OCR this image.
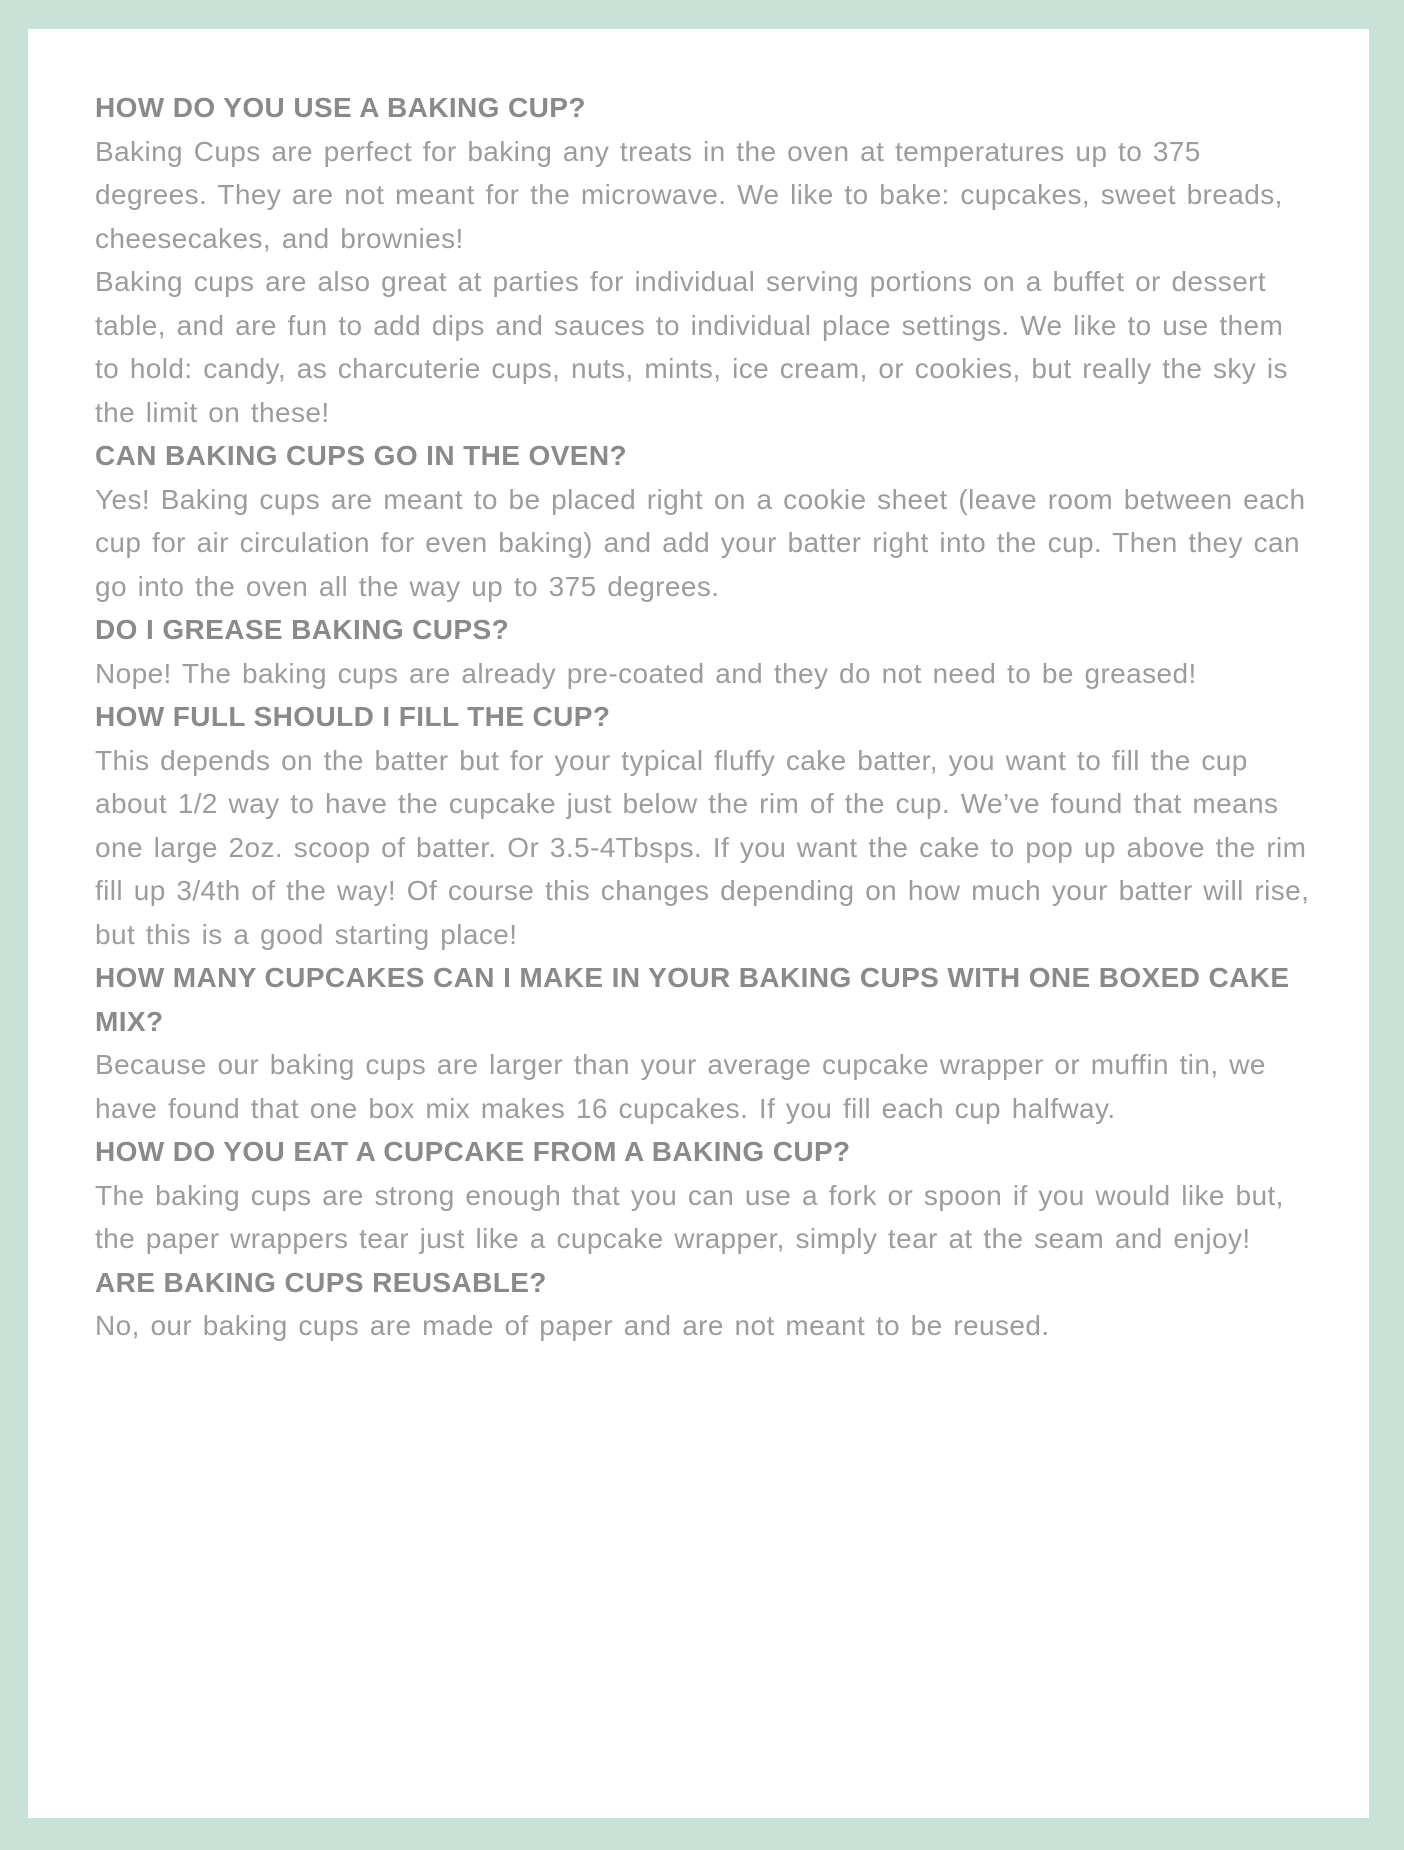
HOW DO YOU USE A BAKING CUP?

Baking Cups are perfect for baking any treats in the oven at temperatures up to 375 degrees. They are not meant for the microwave. We like to bake: cupcakes, sweet breads, cheesecakes, and brownies!

Baking cups are also great at parties for individual serving portions on a buffet or dessert table, and are fun to add dips and sauces to individual place settings. We like to use them to hold: candy, as charcuterie cups, nuts, mints, ice cream, or cookies, but really the sky is the limit on these!

CAN BAKING CUPS GO IN THE OVEN?

Yes! Baking cups are meant to be placed right on a cookie sheet (leave room between each cup for air circulation for even baking) and add your batter right into the cup. Then they can go into the oven all the way up to 375 degrees.

DO I GREASE BAKING CUPS?

Nope! The baking cups are already pre-coated and they do not need to be greased!

HOW FULL SHOULD I FILL THE CUP?

This depends on the batter but for your typical fluffy cake batter, you want to fill the cup about 1/2 way to have the cupcake just below the rim of the cup. We’ve found that means one large 2oz. scoop of batter. Or 3.5-4Tbsps. If you want the cake to pop up above the rim fill up 3/4th of the way! Of course this changes depending on how much your batter will rise, but this is a good starting place!

HOW MANY CUPCAKES CAN I MAKE IN YOUR BAKING CUPS WITH ONE BOXED CAKE MIX?

Because our baking cups are larger than your average cupcake wrapper or muffin tin, we have found that one box mix makes 16 cupcakes. If you fill each cup halfway.

HOW DO YOU EAT A CUPCAKE FROM A BAKING CUP?

The baking cups are strong enough that you can use a fork or spoon if you would like but, the paper wrappers tear just like a cupcake wrapper, simply tear at the seam and enjoy!

ARE BAKING CUPS REUSABLE?

No, our baking cups are made of paper and are not meant to be reused.
